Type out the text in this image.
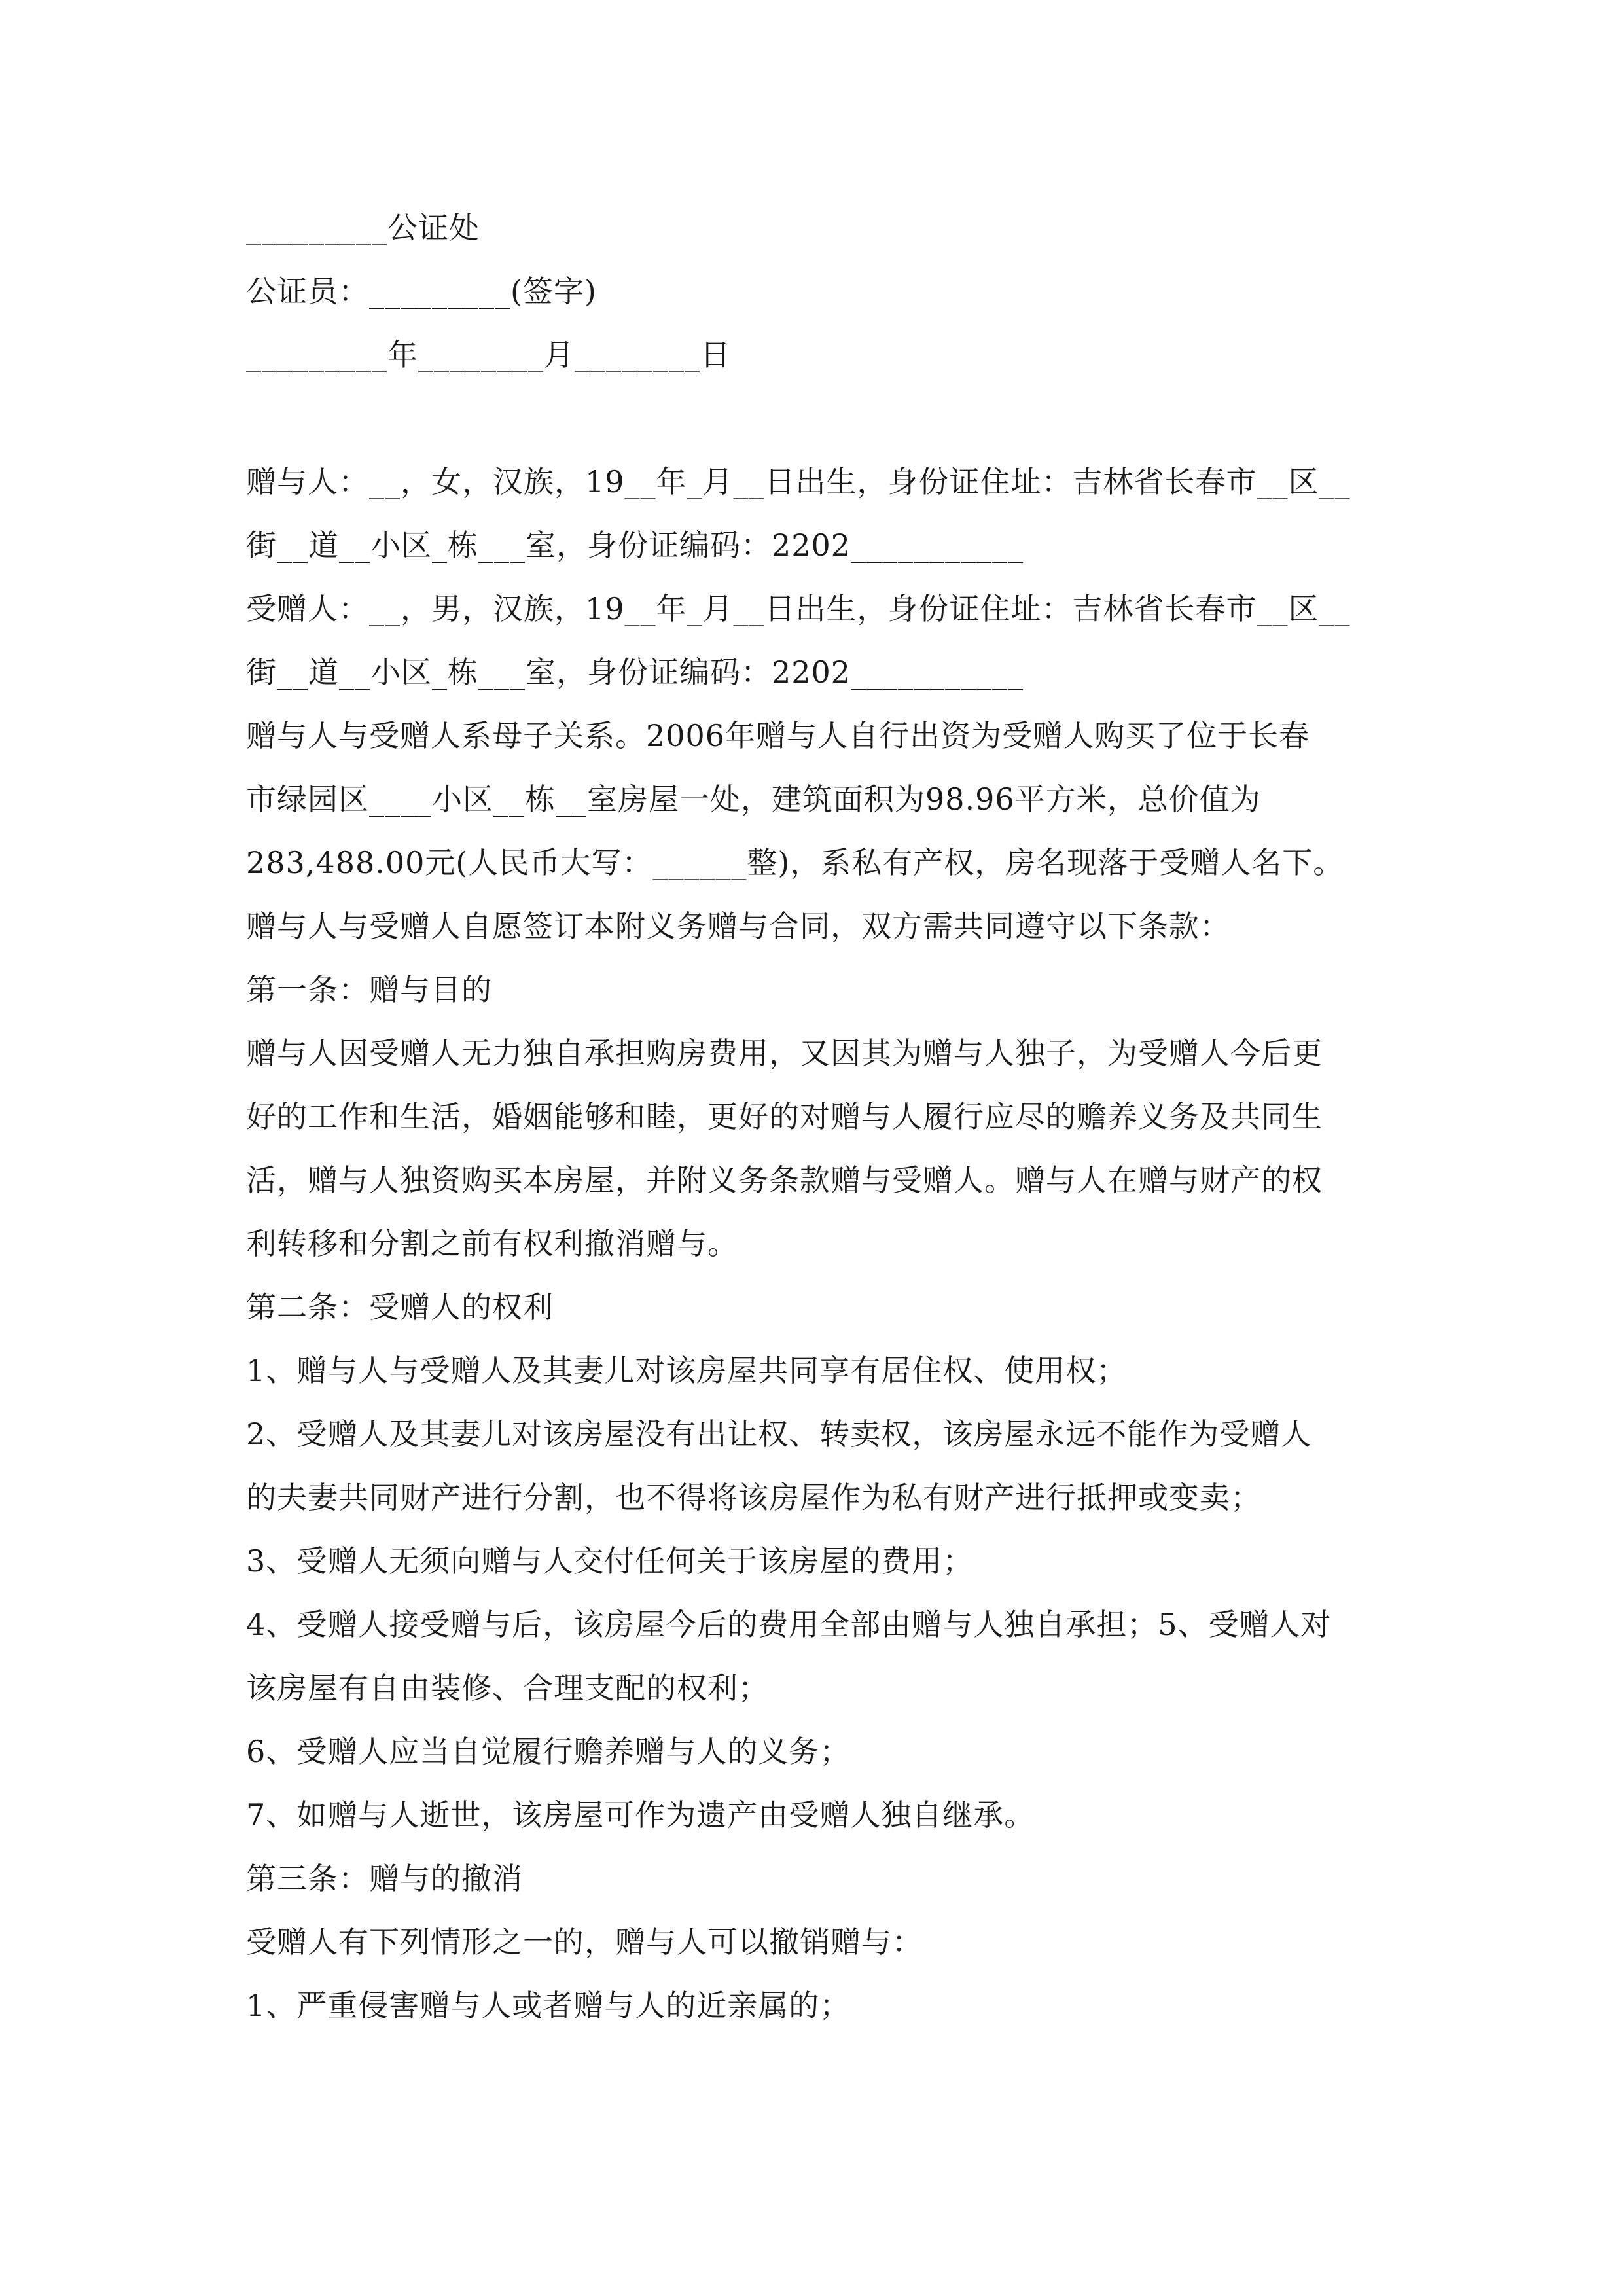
_________公证处
公证员：_________(签字)
_________年________月________日
赠与人：__，女，汉族，19__年_月__日出生，身份证住址：吉林省长春市__区__
街__道__小区_栋___室，身份证编码：2202___________
受赠人：__，男，汉族，19__年_月__日出生，身份证住址：吉林省长春市__区__
街__道__小区_栋___室，身份证编码：2202___________
赠与人与受赠人系母子关系。2006年赠与人自行出资为受赠人购买了位于长春
市绿园区____小区__栋__室房屋一处，建筑面积为98.96平方米，总价值为
283,488.00元(人民币大写：______整)，系私有产权，房名现落于受赠人名下。
赠与人与受赠人自愿签订本附义务赠与合同，双方需共同遵守以下条款：
第一条：赠与目的
赠与人因受赠人无力独自承担购房费用，又因其为赠与人独子，为受赠人今后更
好的工作和生活，婚姻能够和睦，更好的对赠与人履行应尽的赡养义务及共同生
活，赠与人独资购买本房屋，并附义务条款赠与受赠人。赠与人在赠与财产的权
利转移和分割之前有权利撤消赠与。
第二条：受赠人的权利
1、赠与人与受赠人及其妻儿对该房屋共同享有居住权、使用权；
2、受赠人及其妻儿对该房屋没有出让权、转卖权，该房屋永远不能作为受赠人
的夫妻共同财产进行分割，也不得将该房屋作为私有财产进行抵押或变卖；
3、受赠人无须向赠与人交付任何关于该房屋的费用；
4、受赠人接受赠与后，该房屋今后的费用全部由赠与人独自承担；5、受赠人对
该房屋有自由装修、合理支配的权利；
6、受赠人应当自觉履行赡养赠与人的义务；
7、如赠与人逝世，该房屋可作为遗产由受赠人独自继承。
第三条：赠与的撤消
受赠人有下列情形之一的，赠与人可以撤销赠与：
1、严重侵害赠与人或者赠与人的近亲属的；
